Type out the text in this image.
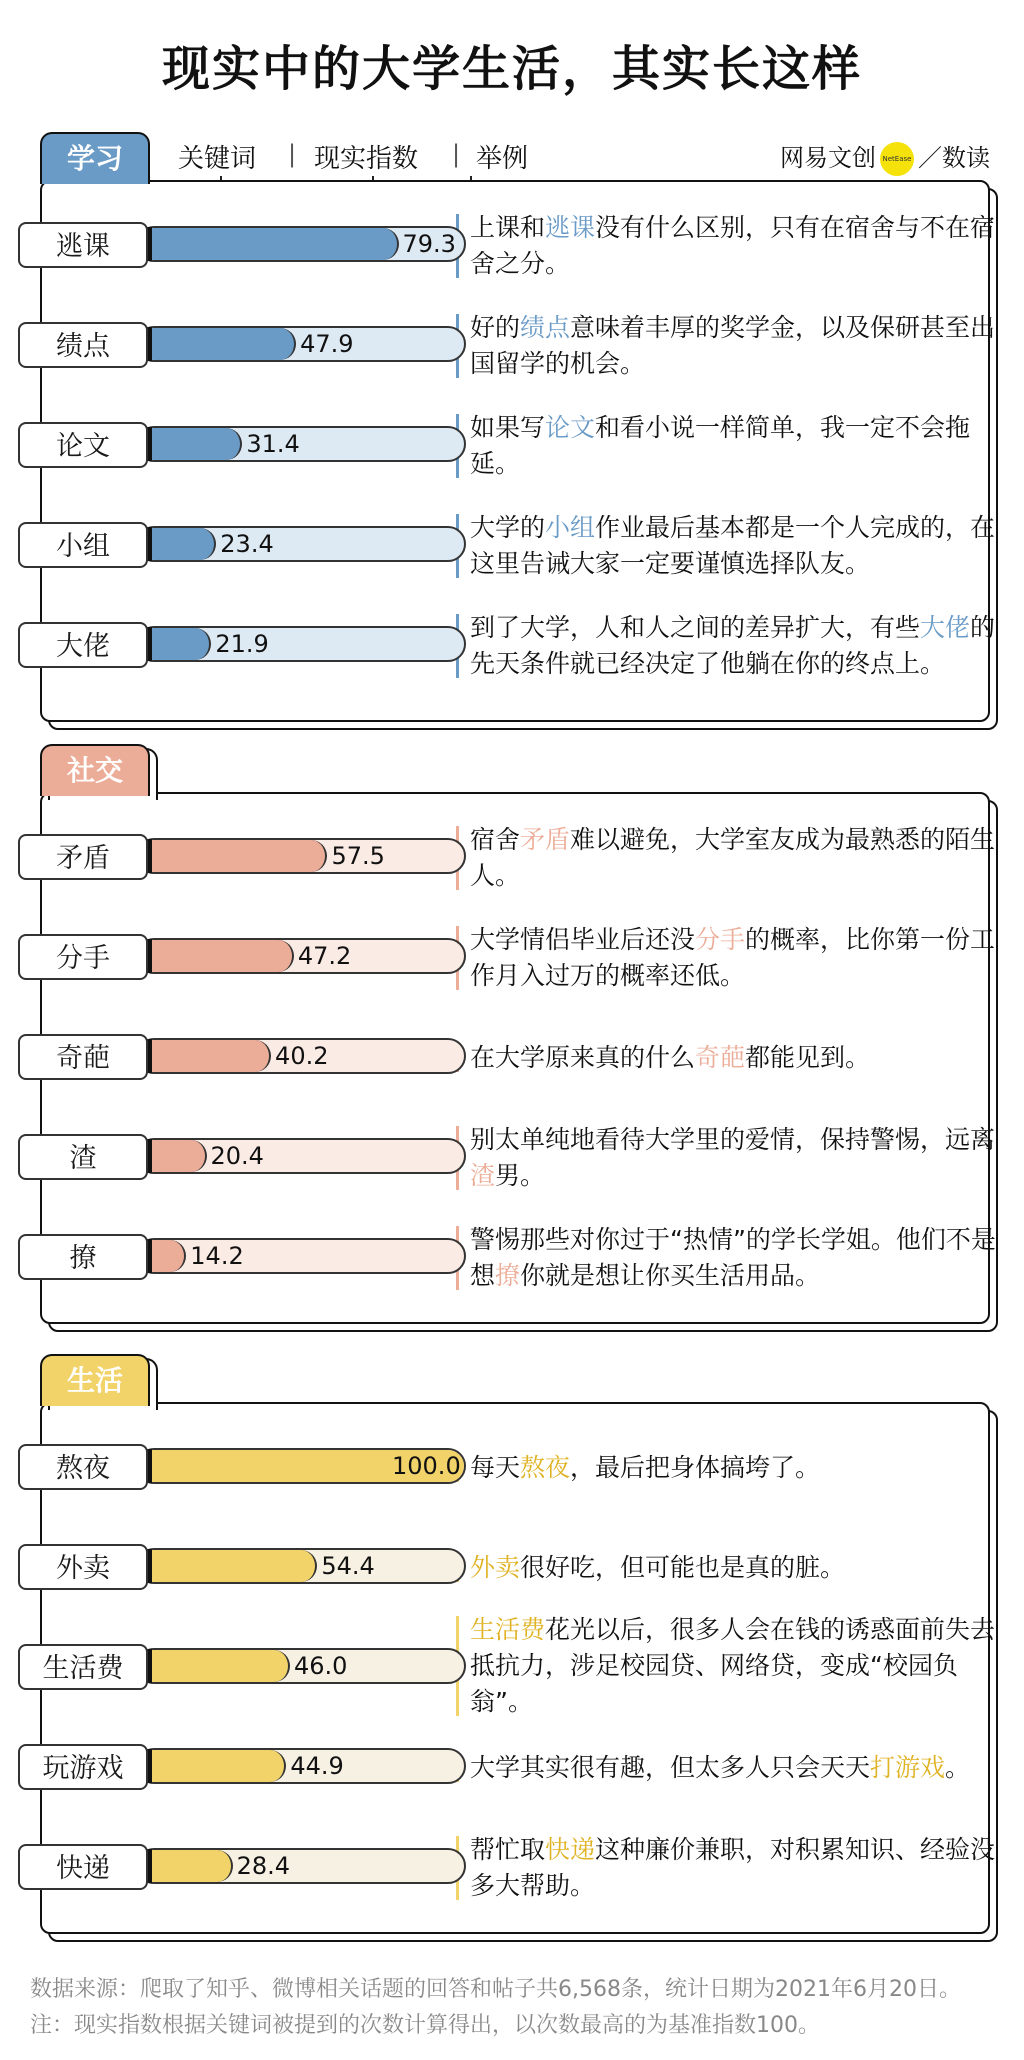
现实中的大学生活，其实长这样
关键词 | 现实指数 | 举例	网易文创 NetEase ／数读
学习
逃课	79.3
上课和逃课没有什么区别，只有在宿舍与不在宿舍之分。
绩点	47.9
好的绩点意味着丰厚的奖学金，以及保研甚至出国留学的机会。
论文	31.4
如果写论文和看小说一样简单，我一定不会拖延。
小组	23.4
大学的小组作业最后基本都是一个人完成的，在这里告诫大家一定要谨慎选择队友。
大佬	21.9
到了大学，人和人之间的差异扩大，有些大佬的先天条件就已经决定了他躺在你的终点上。
社交
矛盾	57.5
宿舍矛盾难以避免，大学室友成为最熟悉的陌生人。
分手	47.2
大学情侣毕业后还没分手的概率，比你第一份工作月入过万的概率还低。
奇葩	40.2	在大学原来真的什么奇葩都能见到。
渣	20.4
别太单纯地看待大学里的爱情，保持警惕，远离渣男。
撩	14.2
警惕那些对你过于“热情”的学长学姐。他们不是想撩你就是想让你买生活用品。
生活
熬夜	100.0 每天熬夜，最后把身体搞垮了。
外卖	54.4	外卖很好吃，但可能也是真的脏。
生活费	46.0
生活费花光以后，很多人会在钱的诱惑面前失去抵抗力，涉足校园贷、网络贷，变成“校园负翁”。
玩游戏	44.9	大学其实很有趣，但太多人只会天天打游戏。
快递	28.4
帮忙取快递这种廉价兼职，对积累知识、经验没多大帮助。
数据来源：爬取了知乎、微博相关话题的回答和帖子共6,568条，统计日期为2021年6月20日。
注：现实指数根据关键词被提到的次数计算得出，以次数最高的为基准指数100。
